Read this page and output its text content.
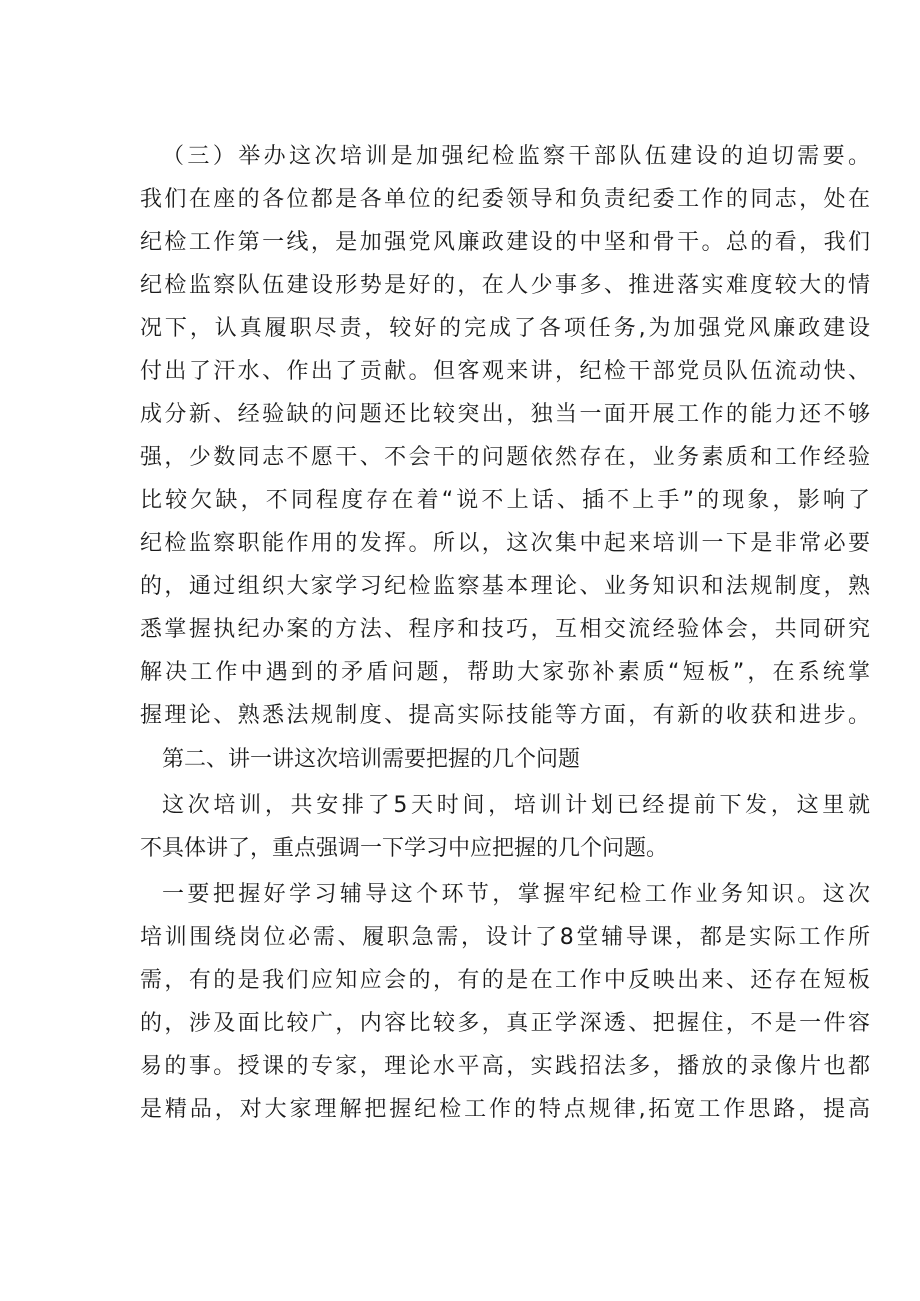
（三）举办这次培训是加强纪检监察干部队伍建设的迫切需要。
我们在座的各位都是各单位的纪委领导和负责纪委工作的同志，处在
纪检工作第一线，是加强党风廉政建设的中坚和骨干。总的看，我们
纪检监察队伍建设形势是好的，在人少事多、推进落实难度较大的情
况下，认真履职尽责，较好的完成了各项任务,为加强党风廉政建设
付出了汗水、作出了贡献。但客观来讲，纪检干部党员队伍流动快、
成分新、经验缺的问题还比较突出，独当一面开展工作的能力还不够
强，少数同志不愿干、不会干的问题依然存在，业务素质和工作经验
比较欠缺，不同程度存在着“说不上话、插不上手”的现象，影响了
纪检监察职能作用的发挥。所以，这次集中起来培训一下是非常必要
的，通过组织大家学习纪检监察基本理论、业务知识和法规制度，熟
悉掌握执纪办案的方法、程序和技巧，互相交流经验体会，共同研究
解决工作中遇到的矛盾问题，帮助大家弥补素质“短板”，在系统掌
握理论、熟悉法规制度、提高实际技能等方面，有新的收获和进步。
第二、讲一讲这次培训需要把握的几个问题
这次培训，共安排了5天时间，培训计划已经提前下发，这里就
不具体讲了，重点强调一下学习中应把握的几个问题。
一要把握好学习辅导这个环节，掌握牢纪检工作业务知识。这次
培训围绕岗位必需、履职急需，设计了8堂辅导课，都是实际工作所
需，有的是我们应知应会的，有的是在工作中反映出来、还存在短板
的，涉及面比较广，内容比较多，真正学深透、把握住，不是一件容
易的事。授课的专家，理论水平高，实践招法多，播放的录像片也都
是精品，对大家理解把握纪检工作的特点规律,拓宽工作思路，提高
